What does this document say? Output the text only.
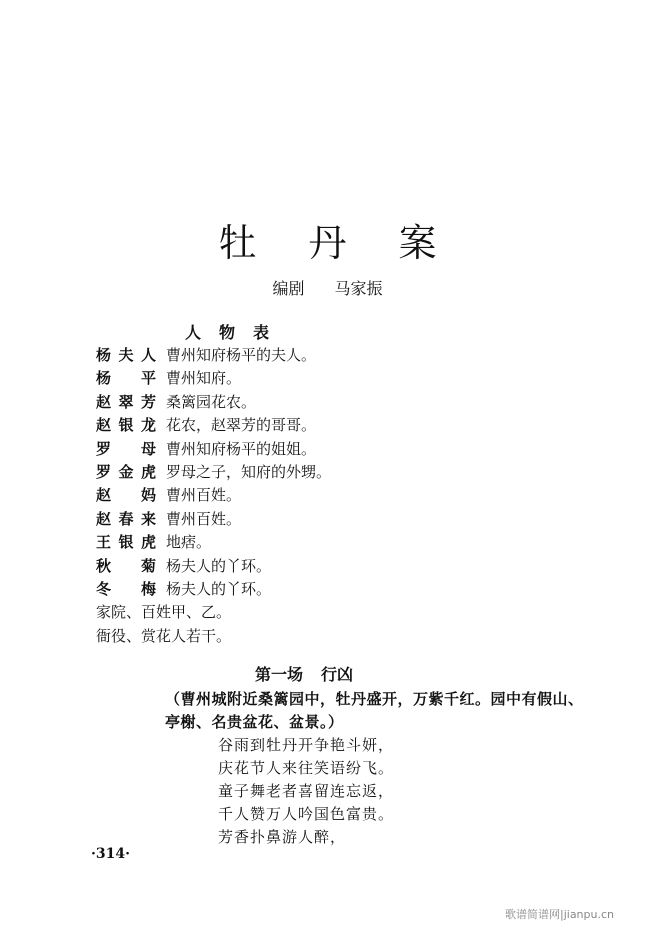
牡丹案
编剧 马家振
人物表
杨夫人 曹州知府杨平的夫人。
杨平 曹州知府。
赵翠芳 桑篱园花农。
赵银龙 花农，赵翠芳的哥哥。
罗母 曹州知府杨平的姐姐。
罗金虎 罗母之子，知府的外甥。
赵妈 曹州百姓。
赵春来 曹州百姓。
王银虎 地痞。
秋菊 杨夫人的丫环。
冬梅 杨夫人的丫环。
家院、百姓甲、乙。
衙役、赏花人若干。
第一场 行凶
（曹州城附近桑篱园中，牡丹盛开，万紫千红。园中有假山、亭榭、名贵盆花、盆景。）
谷雨到牡丹开争艳斗妍，
庆花节人来往笑语纷飞。
童子舞老者喜留连忘返，
千人赞万人吟国色富贵。
芳香扑鼻游人醉，
·314·
歌谱简谱网|jianpu.cn
